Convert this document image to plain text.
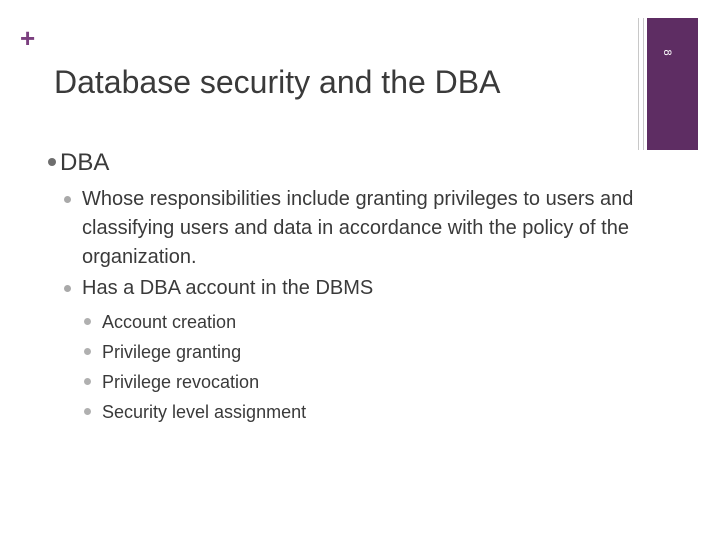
+	8
Database security and the DBA
DBA
Whose responsibilities include granting privileges to users and classifying users and data in accordance with the policy of the organization.
Has a DBA account in the DBMS
Account creation
Privilege granting
Privilege revocation
Security level assignment
